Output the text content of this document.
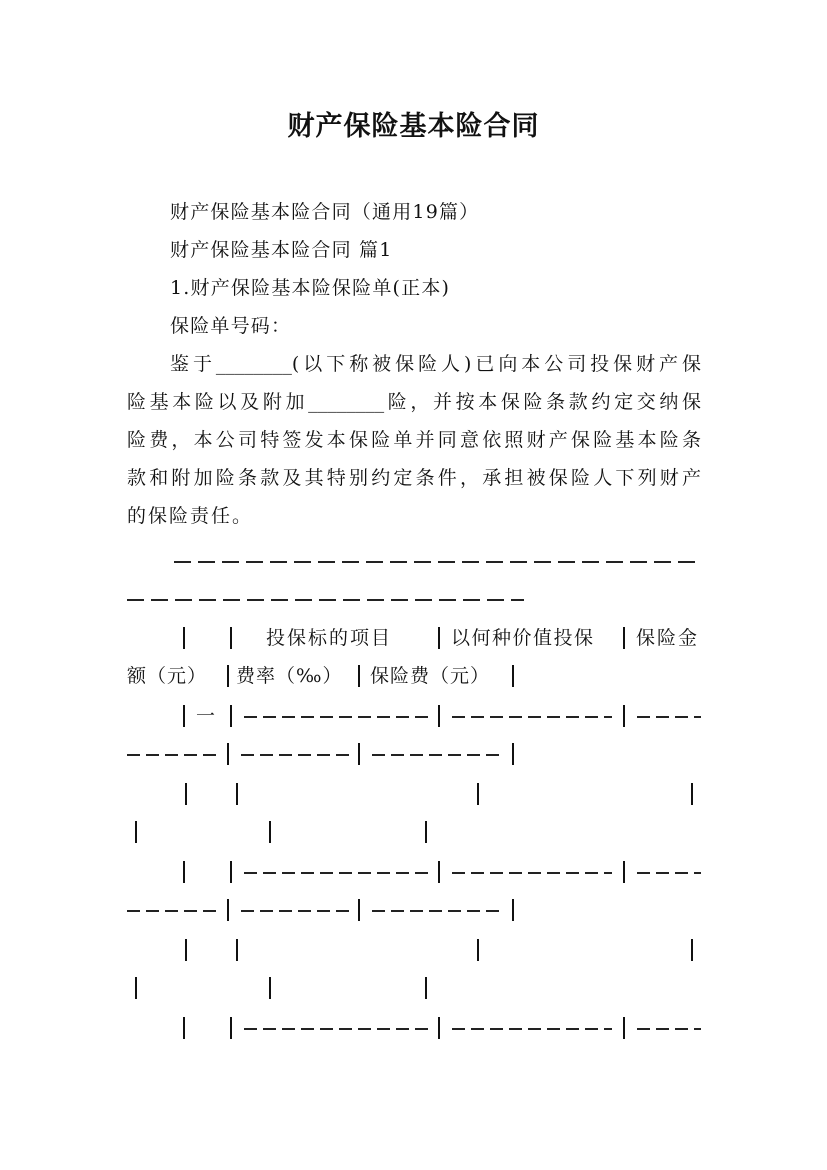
财产保险基本险合同
财产保险基本险合同（通用19篇）
财产保险基本险合同 篇1
1.财产保险基本险保险单(正本)
保险单号码：
鉴于________(以下称被保险人)已向本公司投保财产保
险基本险以及附加________险，并按本保险条款约定交纳保
险费，本公司特签发本保险单并同意依照财产保险基本险条
款和附加险条款及其特别约定条件，承担被保险人下列财产
的保险责任。
投保标的项目	以何种价值投保 保险金
额（元） 费率（‰） 保险费（元）
一
